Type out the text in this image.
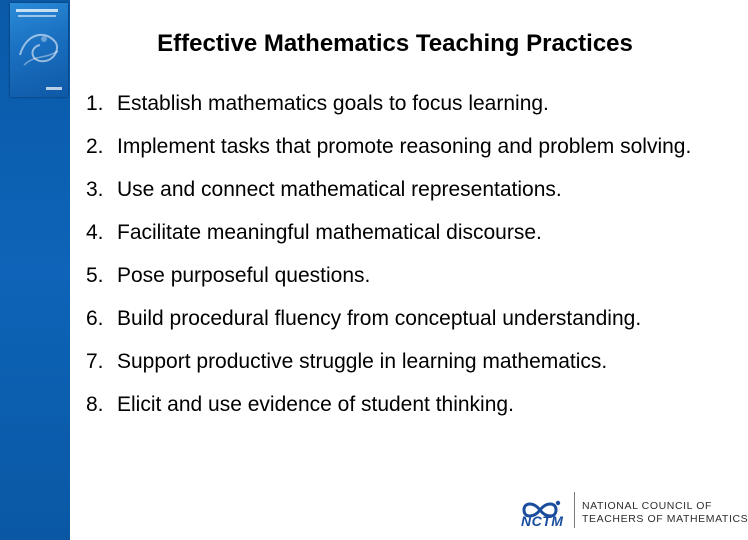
Effective Mathematics Teaching Practices
1. Establish mathematics goals to focus learning.
2. Implement tasks that promote reasoning and problem solving.
3. Use and connect mathematical representations.
4. Facilitate meaningful mathematical discourse.
5. Pose purposeful questions.
6. Build procedural fluency from conceptual understanding.
7. Support productive struggle in learning mathematics.
8. Elicit and use evidence of student thinking.
NCTM
NATIONAL COUNCIL OF
TEACHERS OF MATHEMATICS
